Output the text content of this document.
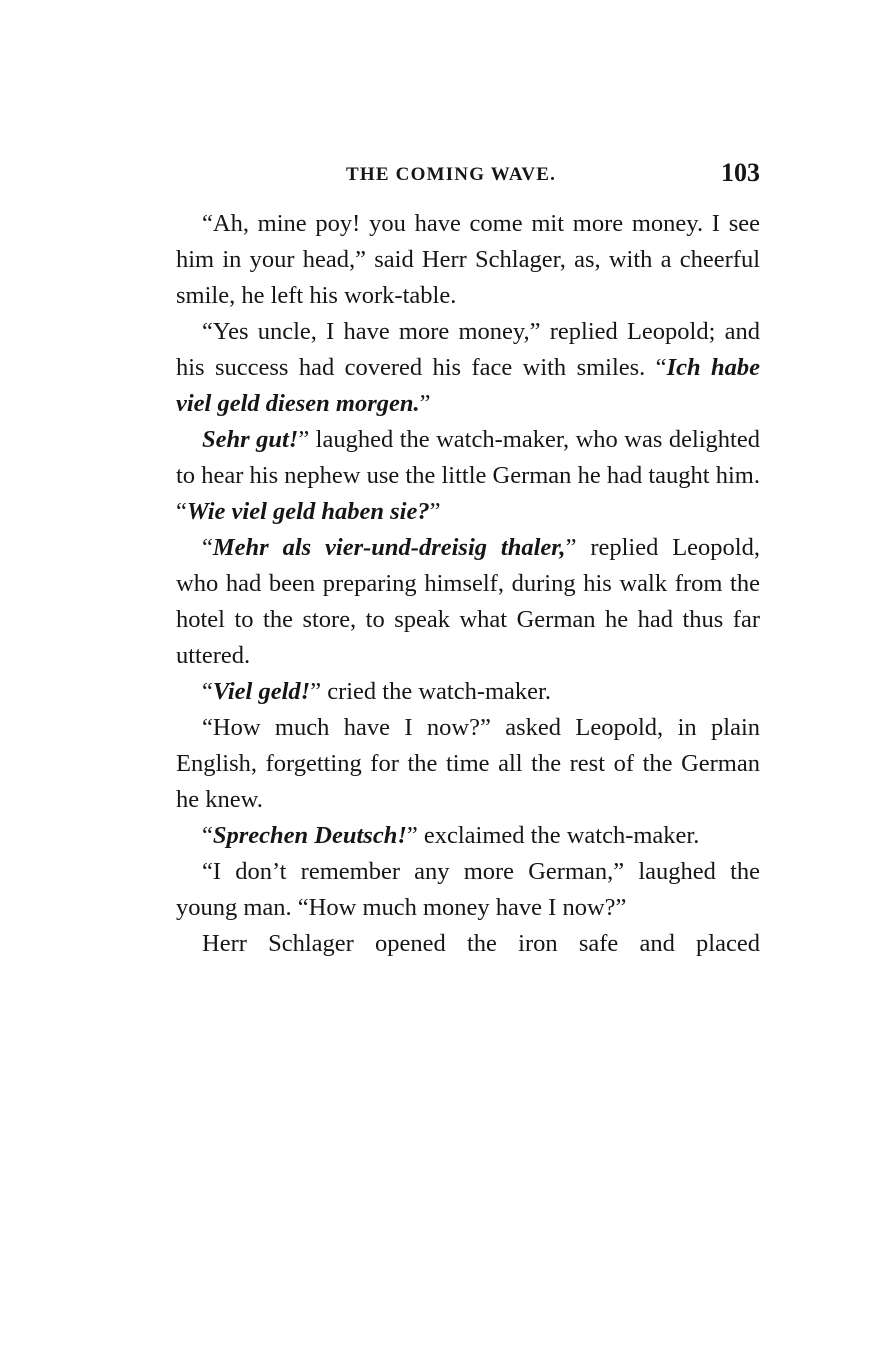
THE COMING WAVE.	103

“Ah, mine poy! you have come mit more money. I see him in your head,” said Herr Schlager, as, with a cheerful smile, he left his work-table.

“Yes uncle, I have more money,” replied Leopold; and his success had covered his face with smiles. “Ich habe viel geld diesen morgen.”

Sehr gut!” laughed the watch-maker, who was delighted to hear his nephew use the little German he had taught him. “Wie viel geld haben sie?”

“Mehr als vier-und-dreisig thaler,” replied Leopold, who had been preparing himself, during his walk from the hotel to the store, to speak what German he had thus far uttered.

“Viel geld!” cried the watch-maker.

“How much have I now?” asked Leopold, in plain English, forgetting for the time all the rest of the German he knew.

“Sprechen Deutsch!” exclaimed the watch-maker.

“I don’t remember any more German,” laughed the young man. “How much money have I now?”

Herr Schlager opened the iron safe and placed
